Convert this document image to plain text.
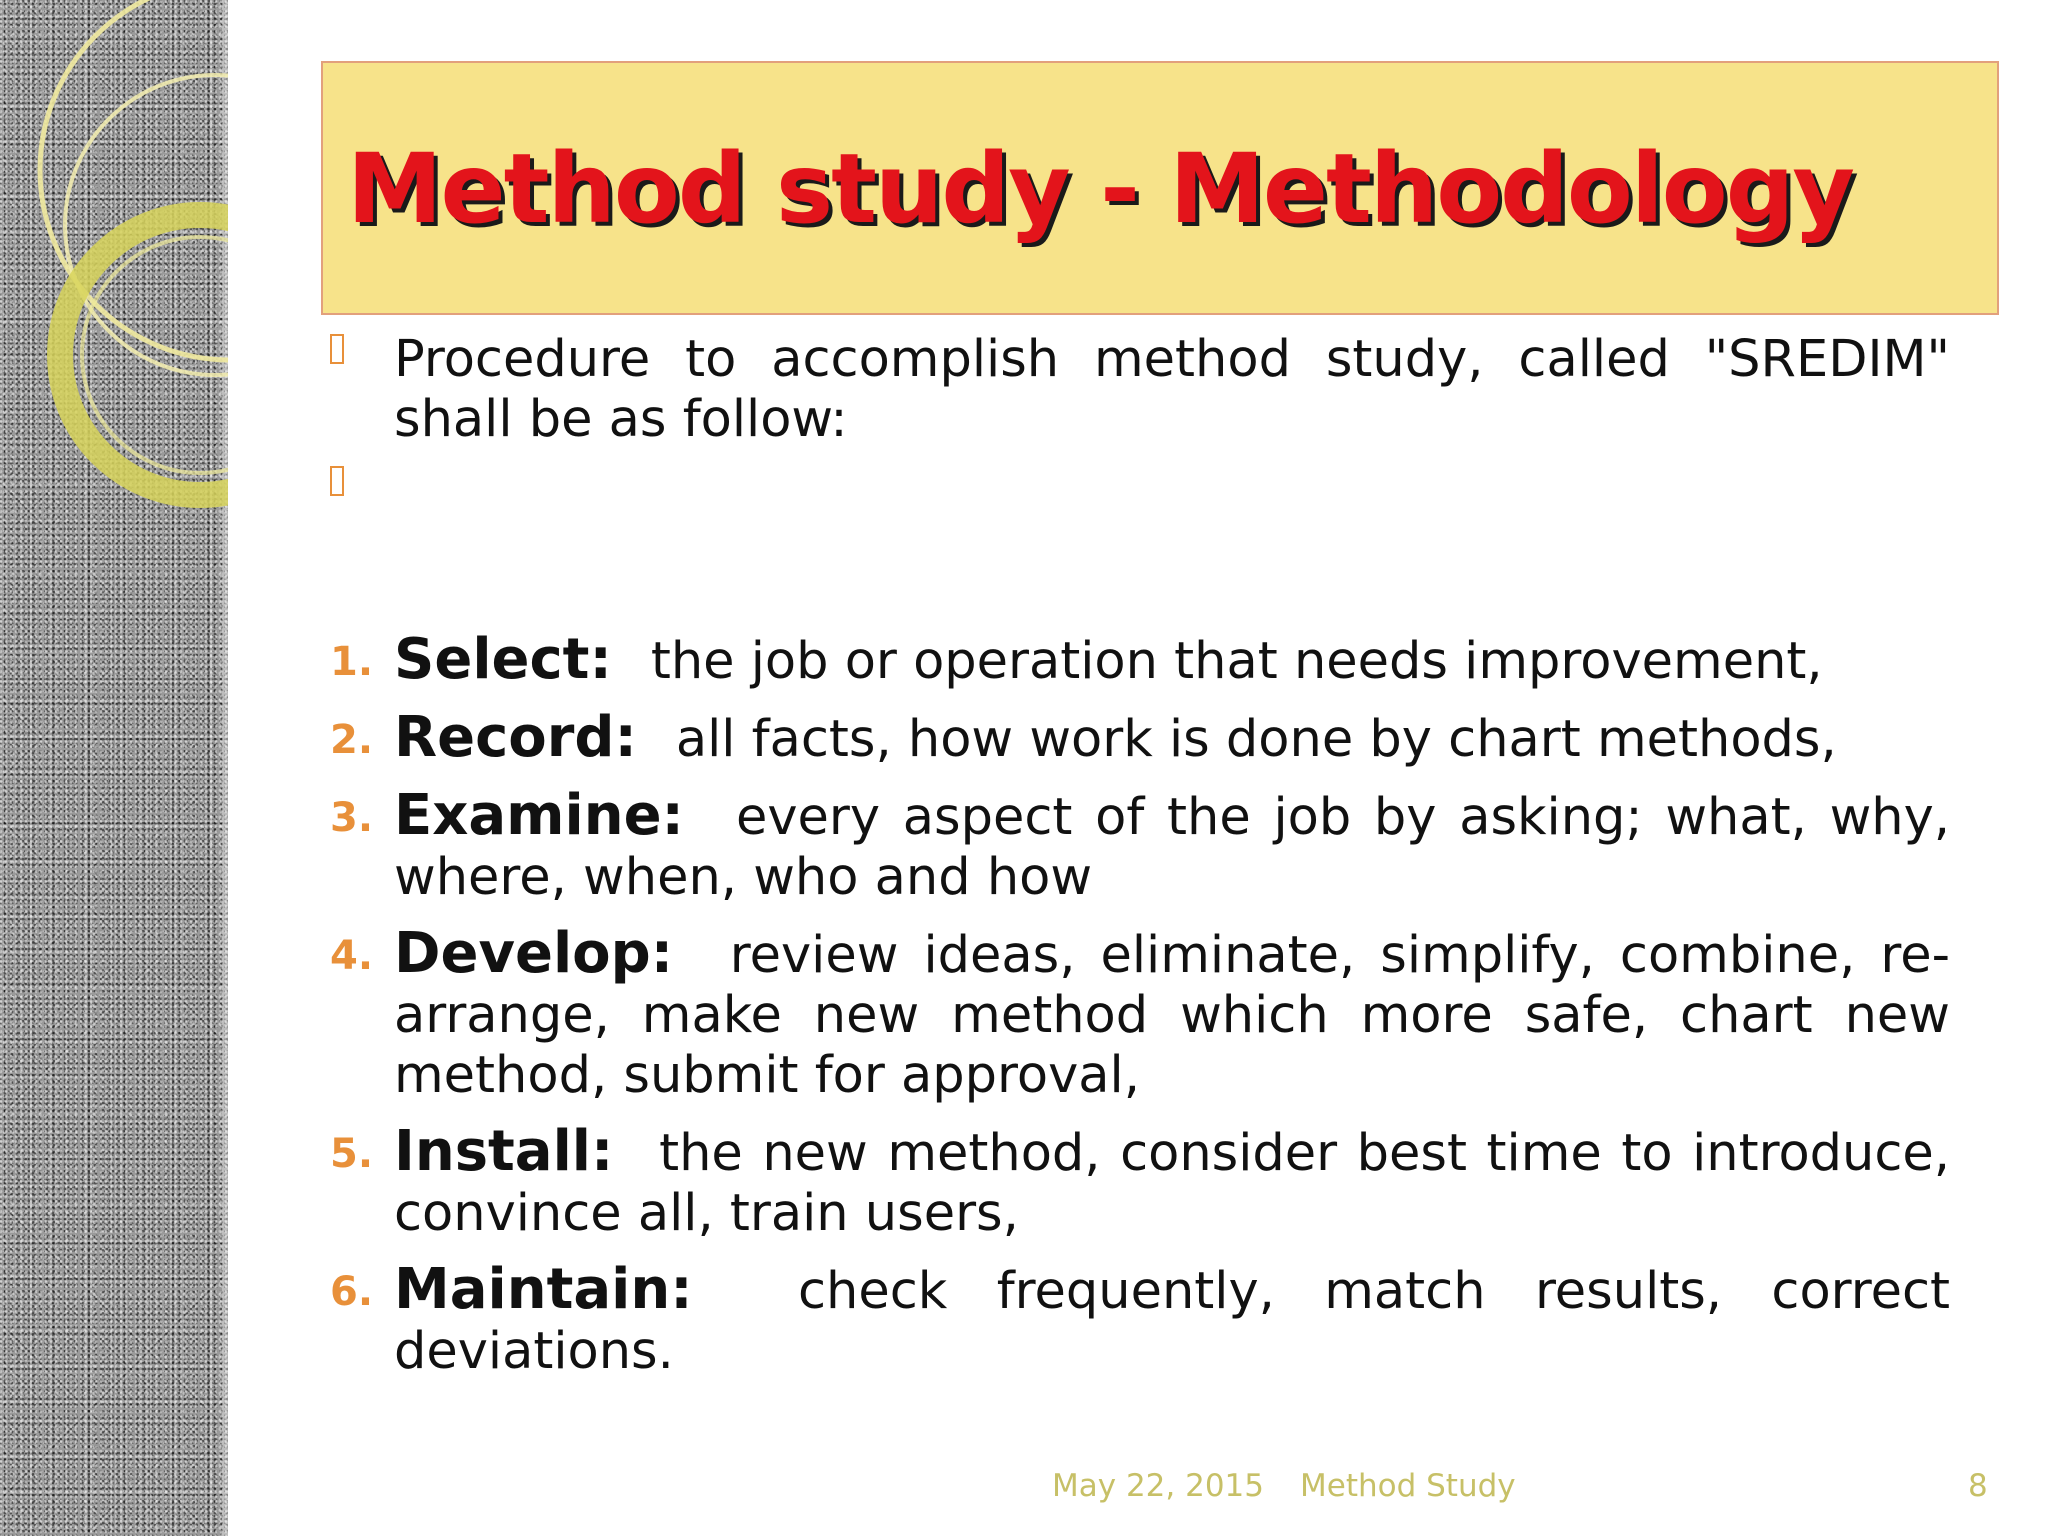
Method study - Methodology
Procedure to accomplish method study, called "SREDIM" shall be as follow:
1. Select:  the job or operation that needs improvement,
2. Record:  all facts, how work is done by chart methods,
3. Examine:  every aspect of the job by asking; what, why, where, when, who and how
4. Develop:  review ideas, eliminate, simplify, combine, re-arrange, make new method which more safe, chart new method, submit for approval,
5. Install:  the new method, consider best time to introduce, convince all, train users,
6. Maintain:  check frequently, match results, correct deviations.
May 22, 2015 Method Study	8
